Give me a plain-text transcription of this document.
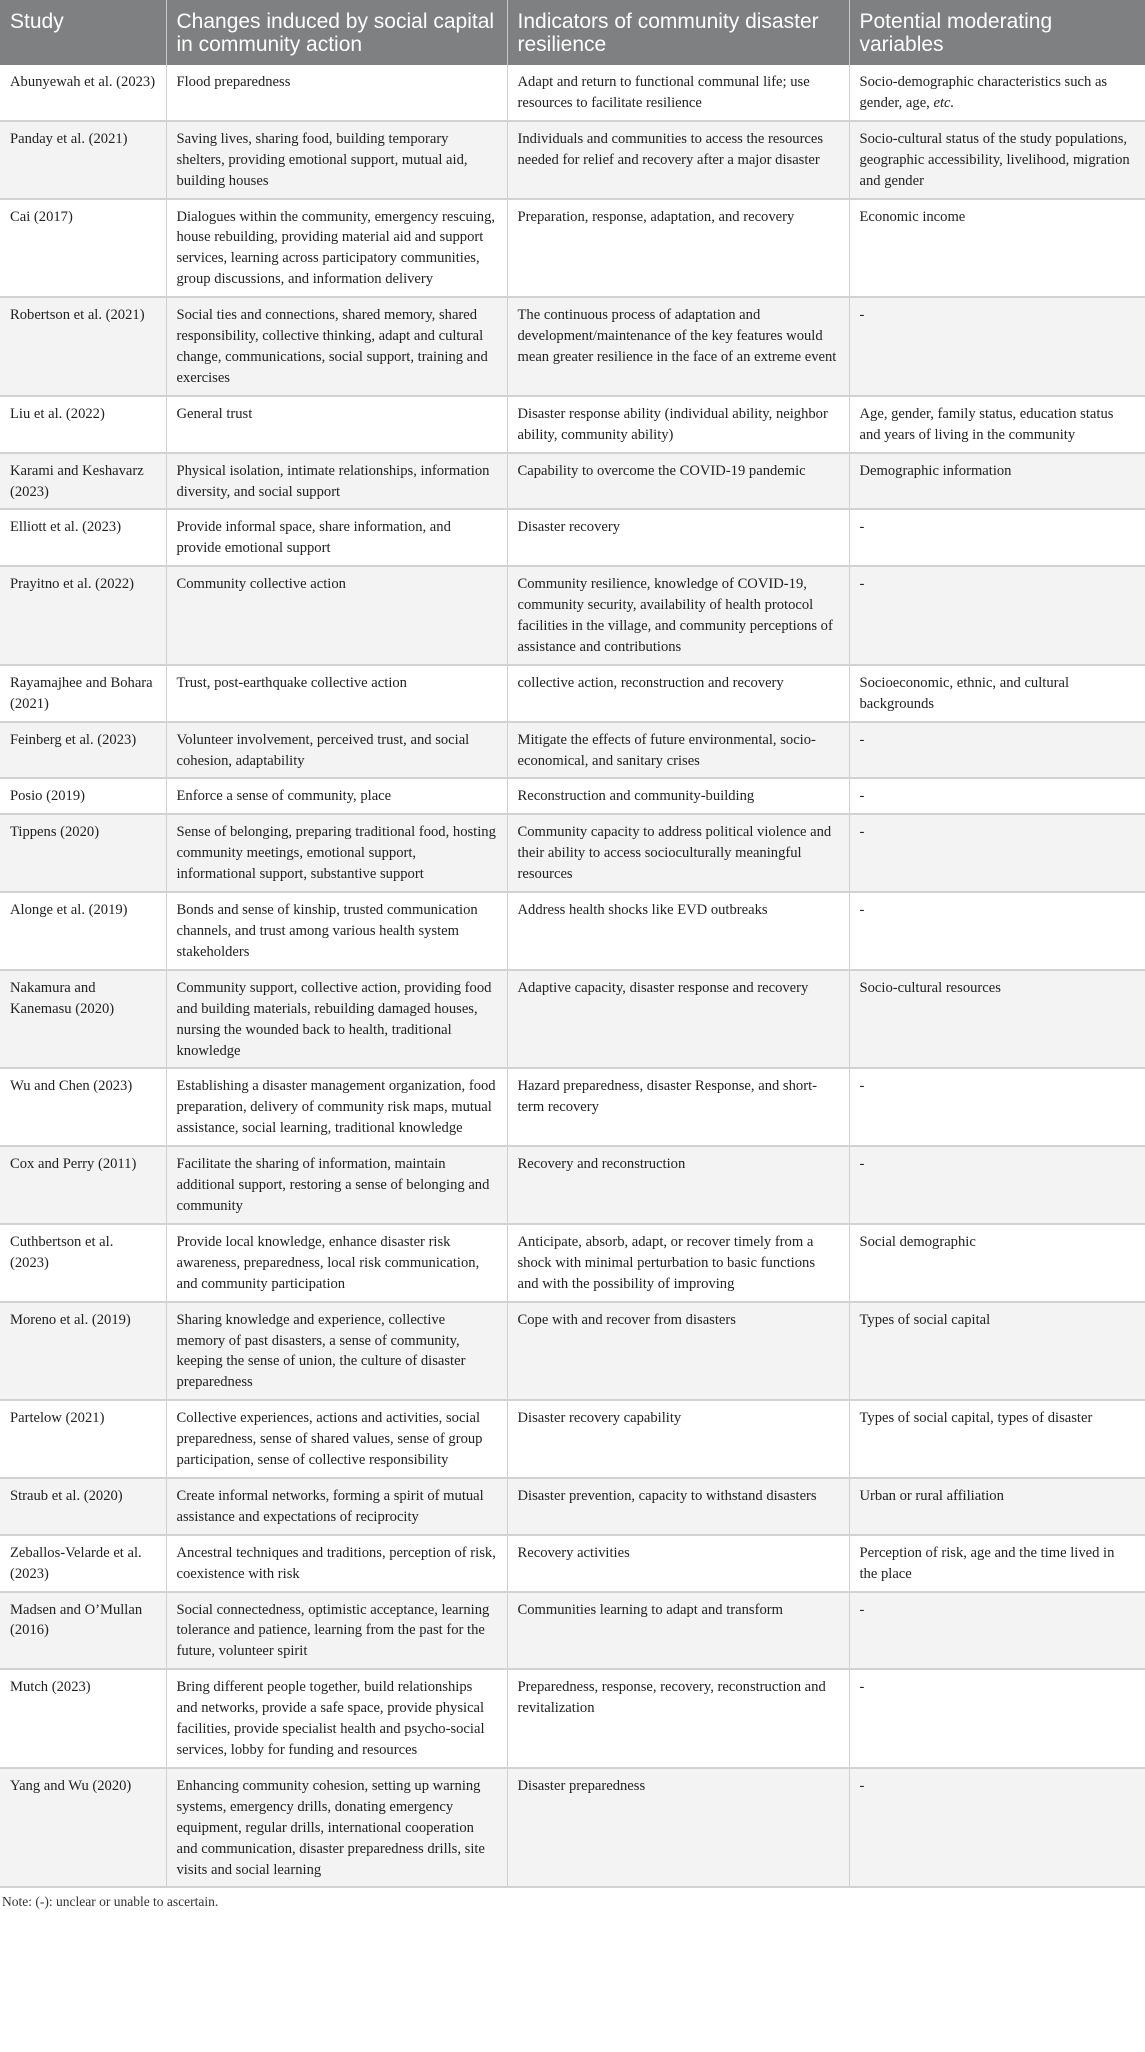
Study	Changes induced by social capital in community action	Indicators of community disaster resilience	Potential moderating variables
Abunyewah et al. (2023)	Flood preparedness	Adapt and return to functional communal life; use resources to facilitate resilience	Socio-demographic characteristics such as gender, age, etc.
Panday et al. (2021)	Saving lives, sharing food, building temporary shelters, providing emotional support, mutual aid, building houses	Individuals and communities to access the resources needed for relief and recovery after a major disaster	Socio-cultural status of the study populations, geographic accessibility, livelihood, migration and gender
Cai (2017)	Dialogues within the community, emergency rescuing, house rebuilding, providing material aid and support services, learning across participatory communities, group discussions, and information delivery	Preparation, response, adaptation, and recovery	Economic income
Robertson et al. (2021)	Social ties and connections, shared memory, shared responsibility, collective thinking, adapt and cultural change, communications, social support, training and exercises	The continuous process of adaptation and development/maintenance of the key features would mean greater resilience in the face of an extreme event	-
Liu et al. (2022)	General trust	Disaster response ability (individual ability, neighbor ability, community ability)	Age, gender, family status, education status and years of living in the community
Karami and Keshavarz (2023)	Physical isolation, intimate relationships, information diversity, and social support	Capability to overcome the COVID-19 pandemic	Demographic information
Elliott et al. (2023)	Provide informal space, share information, and provide emotional support	Disaster recovery	-
Prayitno et al. (2022)	Community collective action	Community resilience, knowledge of COVID-19, community security, availability of health protocol facilities in the village, and community perceptions of assistance and contributions	-
Rayamajhee and Bohara (2021)	Trust, post-earthquake collective action	collective action, reconstruction and recovery	Socioeconomic, ethnic, and cultural backgrounds
Feinberg et al. (2023)	Volunteer involvement, perceived trust, and social cohesion, adaptability	Mitigate the effects of future environmental, socio-economical, and sanitary crises	-
Posio (2019)	Enforce a sense of community, place	Reconstruction and community-building	-
Tippens (2020)	Sense of belonging, preparing traditional food, hosting community meetings, emotional support, informational support, substantive support	Community capacity to address political violence and their ability to access socioculturally meaningful resources	-
Alonge et al. (2019)	Bonds and sense of kinship, trusted communication channels, and trust among various health system stakeholders	Address health shocks like EVD outbreaks	-
Nakamura and Kanemasu (2020)	Community support, collective action, providing food and building materials, rebuilding damaged houses, nursing the wounded back to health, traditional knowledge	Adaptive capacity, disaster response and recovery	Socio-cultural resources
Wu and Chen (2023)	Establishing a disaster management organization, food preparation, delivery of community risk maps, mutual assistance, social learning, traditional knowledge	Hazard preparedness, disaster Response, and short-term recovery	-
Cox and Perry (2011)	Facilitate the sharing of information, maintain additional support, restoring a sense of belonging and community	Recovery and reconstruction	-
Cuthbertson et al. (2023)	Provide local knowledge, enhance disaster risk awareness, preparedness, local risk communication, and community participation	Anticipate, absorb, adapt, or recover timely from a shock with minimal perturbation to basic functions and with the possibility of improving	Social demographic
Moreno et al. (2019)	Sharing knowledge and experience, collective memory of past disasters, a sense of community, keeping the sense of union, the culture of disaster preparedness	Cope with and recover from disasters	Types of social capital
Partelow (2021)	Collective experiences, actions and activities, social preparedness, sense of shared values, sense of group participation, sense of collective responsibility	Disaster recovery capability	Types of social capital, types of disaster
Straub et al. (2020)	Create informal networks, forming a spirit of mutual assistance and expectations of reciprocity	Disaster prevention, capacity to withstand disasters	Urban or rural affiliation
Zeballos-Velarde et al. (2023)	Ancestral techniques and traditions, perception of risk, coexistence with risk	Recovery activities	Perception of risk, age and the time lived in the place
Madsen and O’Mullan (2016)	Social connectedness, optimistic acceptance, learning tolerance and patience, learning from the past for the future, volunteer spirit	Communities learning to adapt and transform	-
Mutch (2023)	Bring different people together, build relationships and networks, provide a safe space, provide physical facilities, provide specialist health and psycho-social services, lobby for funding and resources	Preparedness, response, recovery, reconstruction and revitalization	-
Yang and Wu (2020)	Enhancing community cohesion, setting up warning systems, emergency drills, donating emergency equipment, regular drills, international cooperation and communication, disaster preparedness drills, site visits and social learning	Disaster preparedness	-
Note: (-): unclear or unable to ascertain.
